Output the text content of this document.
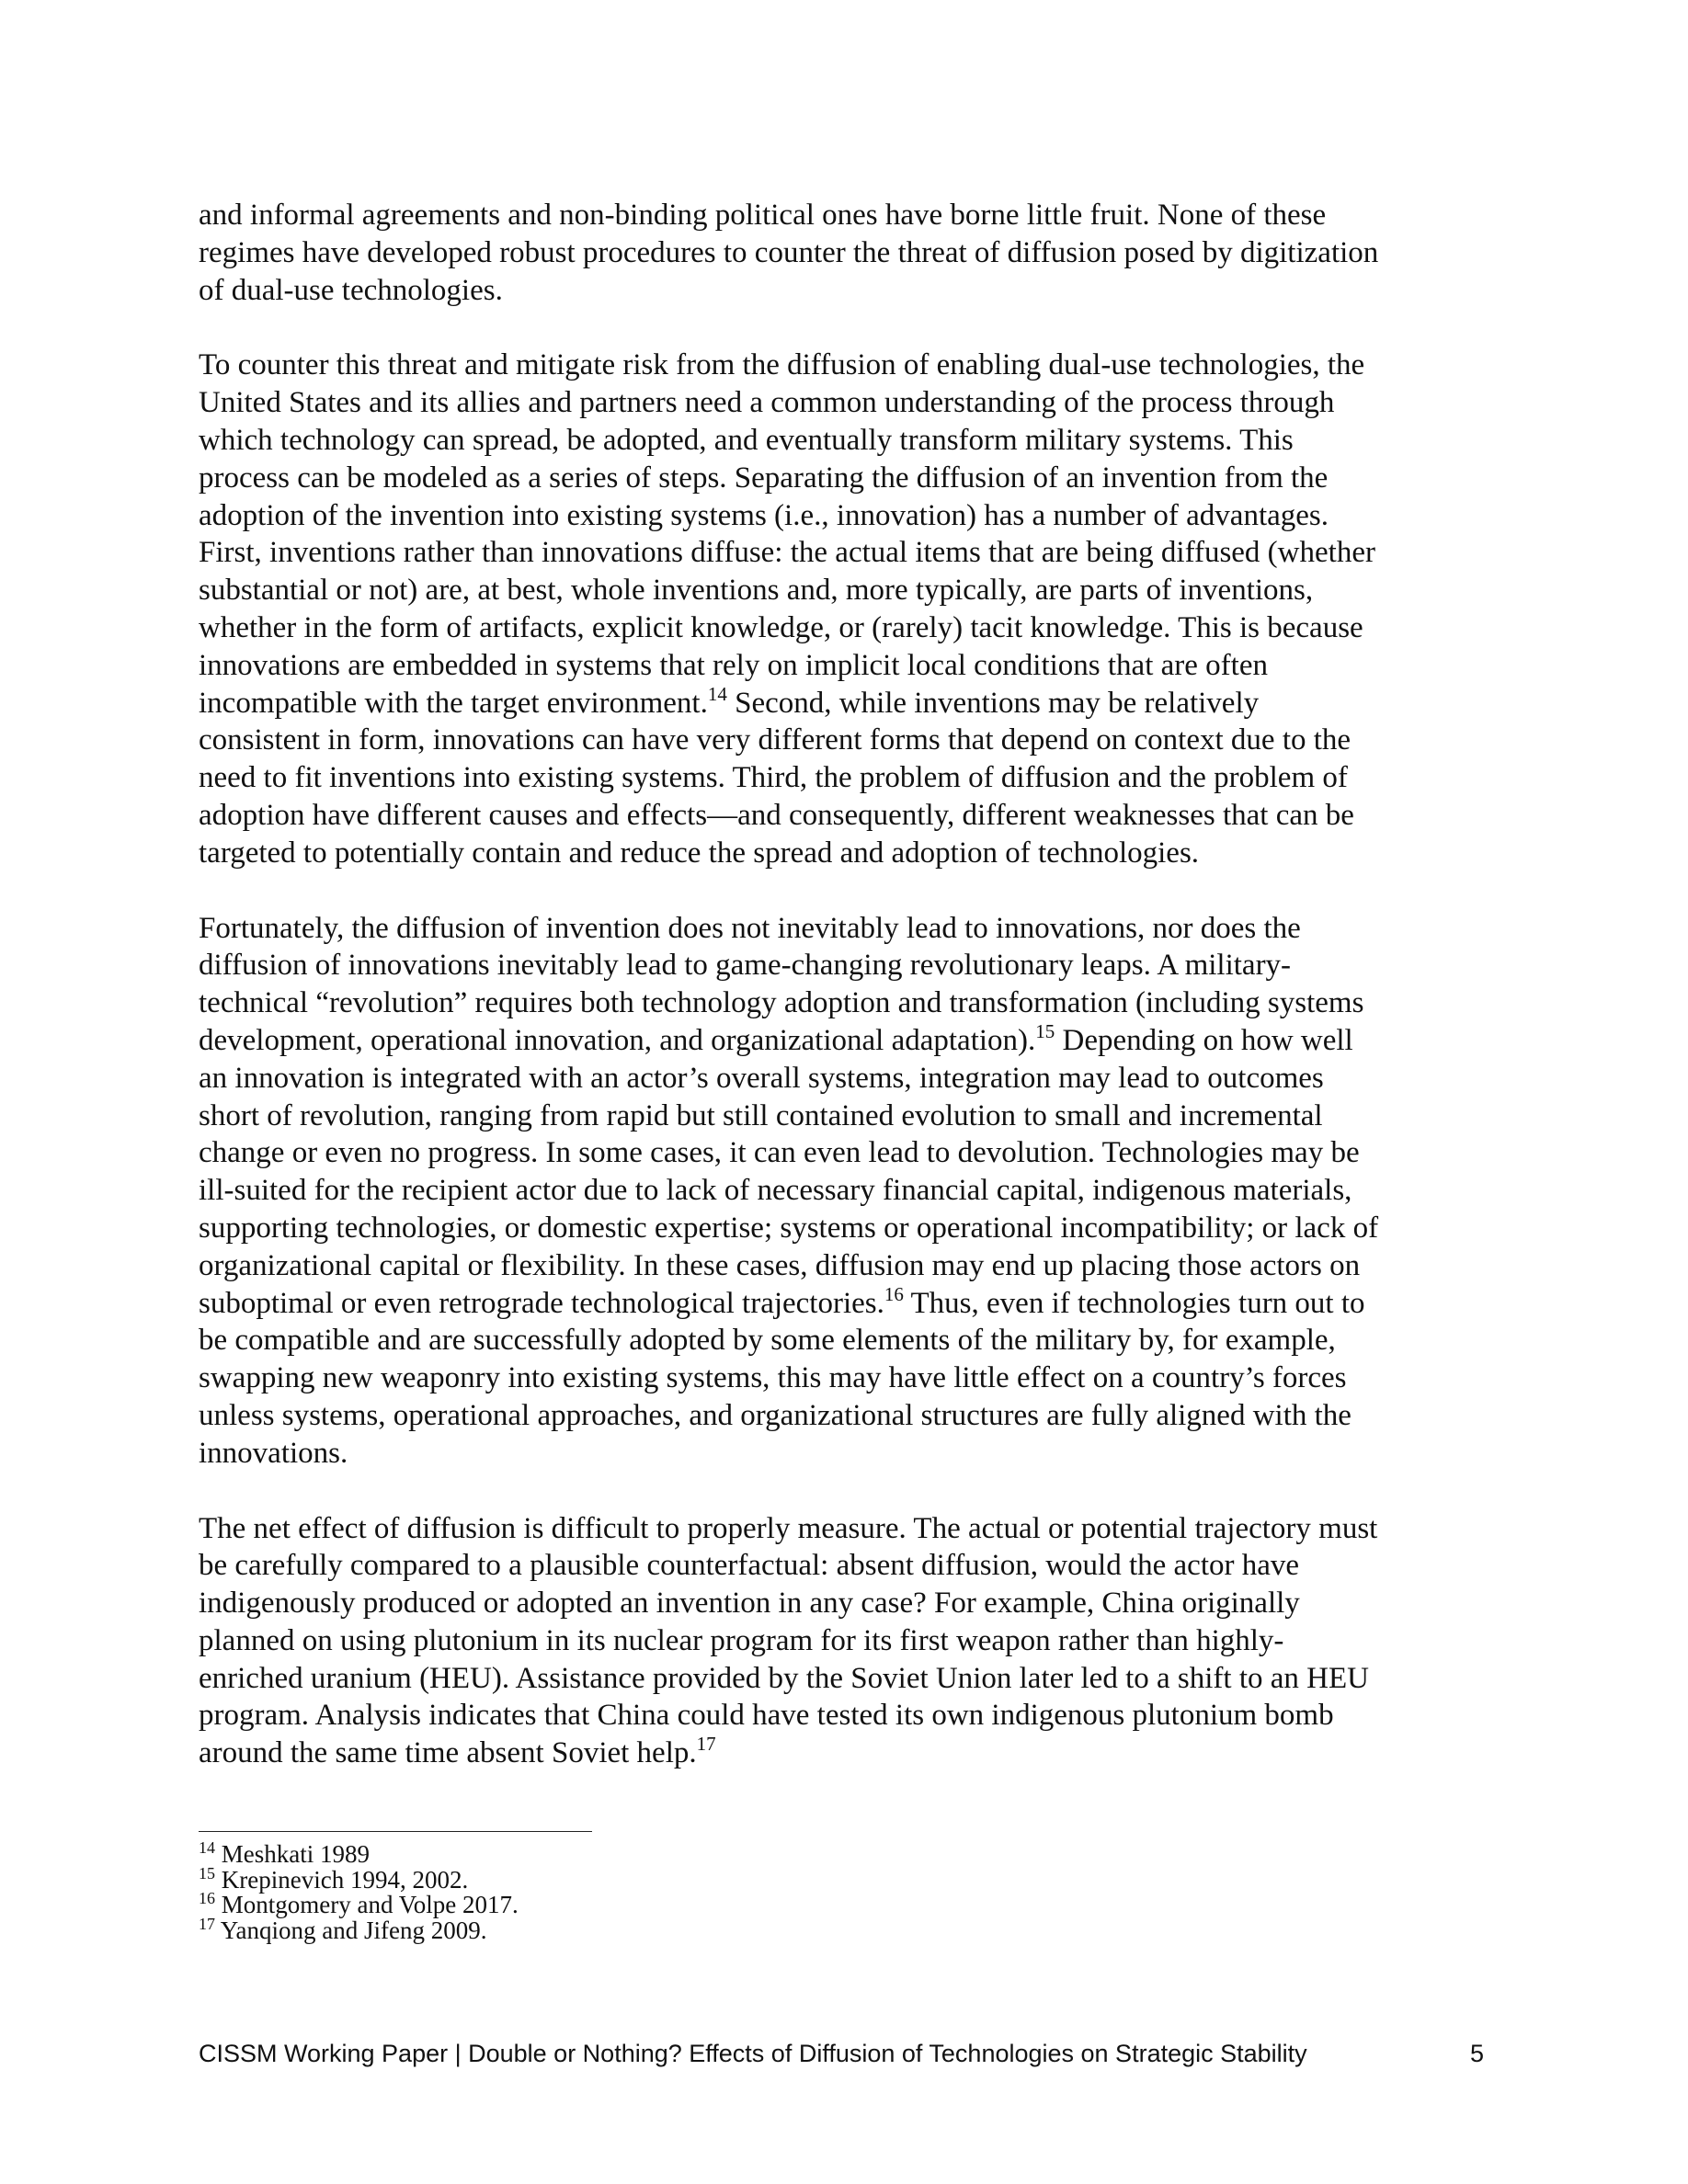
and informal agreements and non-binding political ones have borne little fruit. None of these
regimes have developed robust procedures to counter the threat of diffusion posed by digitization
of dual-use technologies.

To counter this threat and mitigate risk from the diffusion of enabling dual-use technologies, the
United States and its allies and partners need a common understanding of the process through
which technology can spread, be adopted, and eventually transform military systems. This
process can be modeled as a series of steps. Separating the diffusion of an invention from the
adoption of the invention into existing systems (i.e., innovation) has a number of advantages.
First, inventions rather than innovations diffuse: the actual items that are being diffused (whether
substantial or not) are, at best, whole inventions and, more typically, are parts of inventions,
whether in the form of artifacts, explicit knowledge, or (rarely) tacit knowledge. This is because
innovations are embedded in systems that rely on implicit local conditions that are often
incompatible with the target environment.$^{14}$ Second, while inventions may be relatively
consistent in form, innovations can have very different forms that depend on context due to the
need to fit inventions into existing systems. Third, the problem of diffusion and the problem of
adoption have different causes and effects—and consequently, different weaknesses that can be
targeted to potentially contain and reduce the spread and adoption of technologies.

Fortunately, the diffusion of invention does not inevitably lead to innovations, nor does the
diffusion of innovations inevitably lead to game-changing revolutionary leaps. A military-
technical “revolution” requires both technology adoption and transformation (including systems
development, operational innovation, and organizational adaptation).$^{15}$ Depending on how well
an innovation is integrated with an actor’s overall systems, integration may lead to outcomes
short of revolution, ranging from rapid but still contained evolution to small and incremental
change or even no progress. In some cases, it can even lead to devolution. Technologies may be
ill-suited for the recipient actor due to lack of necessary financial capital, indigenous materials,
supporting technologies, or domestic expertise; systems or operational incompatibility; or lack of
organizational capital or flexibility. In these cases, diffusion may end up placing those actors on
suboptimal or even retrograde technological trajectories.$^{16}$ Thus, even if technologies turn out to
be compatible and are successfully adopted by some elements of the military by, for example,
swapping new weaponry into existing systems, this may have little effect on a country’s forces
unless systems, operational approaches, and organizational structures are fully aligned with the
innovations.

The net effect of diffusion is difficult to properly measure. The actual or potential trajectory must
be carefully compared to a plausible counterfactual: absent diffusion, would the actor have
indigenously produced or adopted an invention in any case? For example, China originally
planned on using plutonium in its nuclear program for its first weapon rather than highly-
enriched uranium (HEU). Assistance provided by the Soviet Union later led to a shift to an HEU
program. Analysis indicates that China could have tested its own indigenous plutonium bomb
around the same time absent Soviet help.$^{17}$

$^{14}$ Meshkati 1989
$^{15}$ Krepinevich 1994, 2002.
$^{16}$ Montgomery and Volpe 2017.
$^{17}$ Yanqiong and Jifeng 2009.
CISSM Working Paper | Double or Nothing? Effects of Diffusion of Technologies on Strategic Stability	5
